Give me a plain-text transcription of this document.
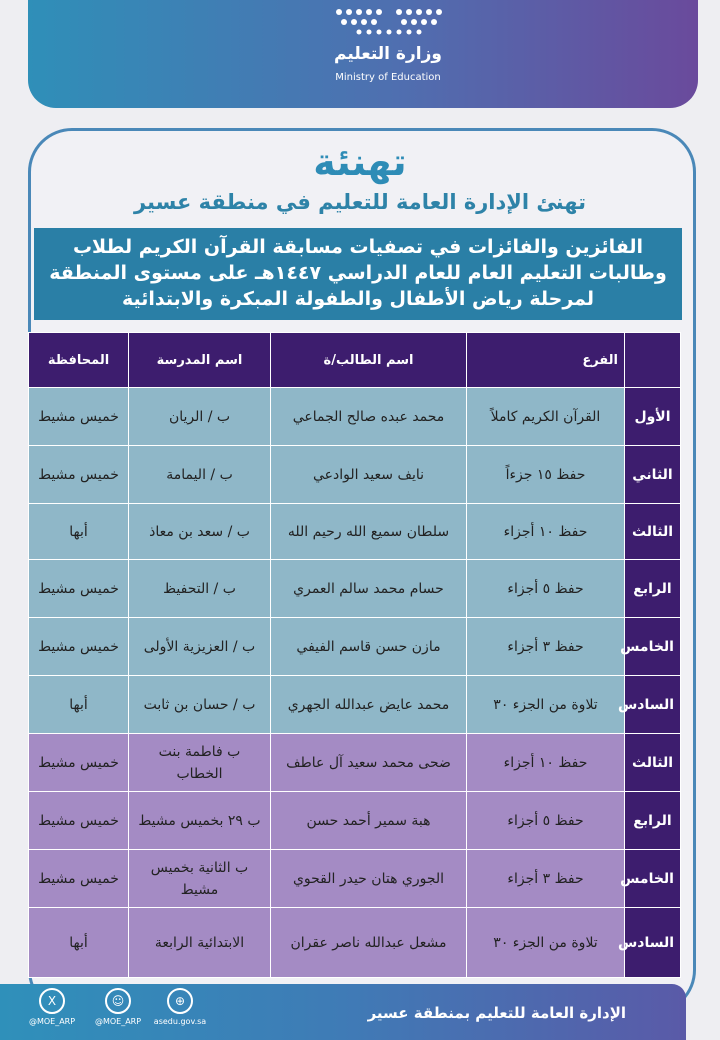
وزارة التعليم
Ministry of Education
تهنئة
تهنئ الإدارة العامة للتعليم في منطقة عسير
الفائزين والفائزات في تصفيات مسابقة القرآن الكريم لطلاب وطالبات التعليم العام للعام الدراسي ١٤٤٧هـ على مستوى المنطقة لمرحلة رياض الأطفال والطفولة المبكرة والابتدائية
	الفرع	اسم الطالب/ة	اسم المدرسة	المحافظة
الأول	القرآن الكريم كاملاً	محمد عبده صالح الجماعي	ب / الريان	خميس مشيط
الثاني	حفظ ١٥ جزءاً	نايف سعيد الوادعي	ب / اليمامة	خميس مشيط
الثالث	حفظ ١٠ أجزاء	سلطان سميع الله رحيم الله	ب / سعد بن معاذ	أبها
الرابع	حفظ ٥ أجزاء	حسام محمد سالم العمري	ب / التحفيظ	خميس مشيط
الخامس	حفظ ٣ أجزاء	مازن حسن قاسم الفيفي	ب / العزيزية الأولى	خميس مشيط
السادس	تلاوة من الجزء ٣٠	محمد عايض عبدالله الجهري	ب / حسان بن ثابت	أبها
الثالث	حفظ ١٠ أجزاء	ضحى محمد سعيد آل عاطف	ب فاطمة بنت الخطاب	خميس مشيط
الرابع	حفظ ٥ أجزاء	هبة سمير أحمد حسن	ب ٢٩ بخميس مشيط	خميس مشيط
الخامس	حفظ ٣ أجزاء	الجوري هتان حيدر القحوي	ب الثانية بخميس مشيط	خميس مشيط
السادس	تلاوة من الجزء ٣٠	مشعل عبدالله ناصر عقران	الابتدائية الرابعة	أبها
الإدارة العامة للتعليم بمنطقة عسير
X
@MOE_ARP
☺
@MOE_ARP
⊕
asedu.gov.sa
